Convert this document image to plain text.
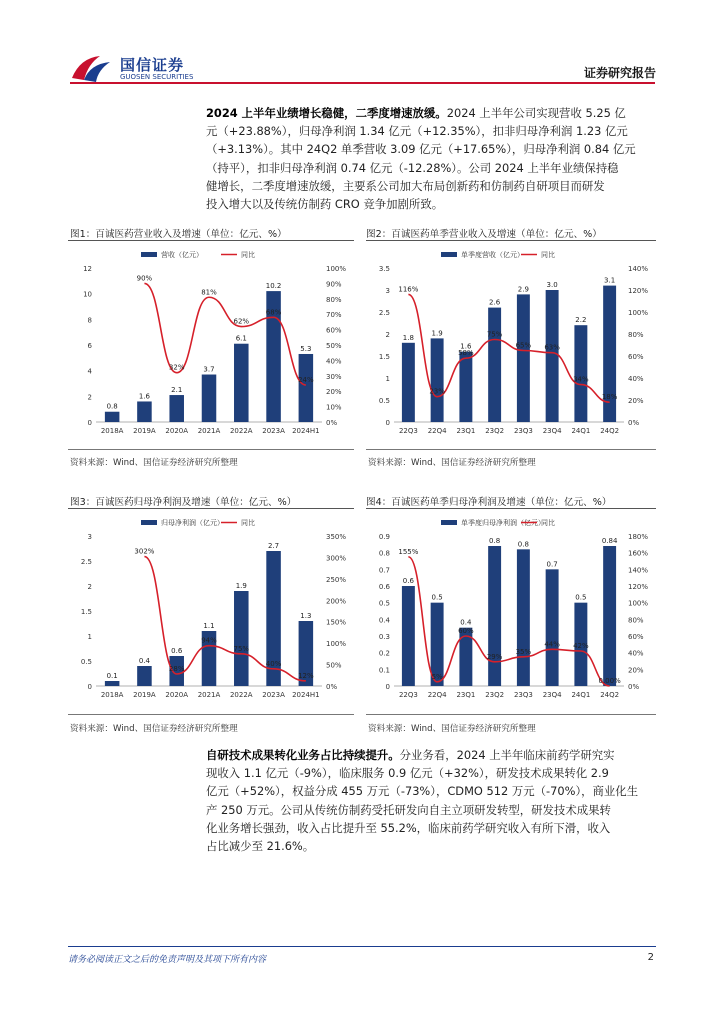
国信证券
GUOSEN SECURITIES	证券研究报告
2024 上半年业绩增长稳健，二季度增速放缓。2024 上半年公司实现营收 5.25 亿
元（+23.88%），归母净利润 1.34 亿元（+12.35%），扣非归母净利润 1.23 亿元
（+3.13%）。其中 24Q2 单季营收 3.09 亿元（+17.65%），归母净利润 0.84 亿元
（持平），扣非归母净利润 0.74 亿元（-12.28%）。公司 2024 上半年业绩保持稳
健增长，二季度增速放缓，主要系公司加大布局创新药和仿制药自研项目而研发
投入增大以及传统仿制药 CRO 竞争加剧所致。
图1：百诚医药营业收入及增速（单位：亿元、%）	图2：百诚医药单季营业收入及增速（单位：亿元、%）
营收（亿元）	同比
0
2
4
6
8
10
12
0%
10%
20%
30%
40%
50%
60%
70%
80%
90%
100%
0.8
2018A
1.6
2019A
2.1
2020A
3.7
2021A
6.1
2022A
10.2
2023A
5.3
2024H1
90%
32%
81%
62%
68%
24%
单季度营收（亿元） 同比
0
0.5
1
1.5
2
2.5
3
3.5
0%
20%
40%
60%
80%
100%
120%
140%
1.8
22Q3
1.9
22Q4
1.6
23Q1
2.6
23Q2
2.9
23Q3
3.0
23Q4
2.2
24Q1
3.1
24Q2
116%
23%
58%
75%
65% 63%
34%
18%
资料来源：Wind、国信证券经济研究所整理	资料来源：Wind、国信证券经济研究所整理
图3：百诚医药归母净利润及增速（单位：亿元、%）	图4：百诚医药单季归母净利润及增速（单位：亿元、%）
归母净利润（亿元） 同比
0
0.5
1
1.5
2
2.5
3
0%
50%
100%
150%
200%
250%
300%
350%
0.1
2018A
0.4
2019A
0.6
2020A
1.1
2021A
1.9
2022A
2.7
2023A
1.3
2024H1
302%
28%
94%
75%
40%
12%
单季度归母净利润（亿元）
同比
0
0.1
0.2
0.3
0.4
0.5
0.6
0.7
0.8
0.9
0%
20%
40%
60%
80%
100%
120%
140%
160%
180%
0.6
22Q3
0.5
22Q4
0.4
23Q1
0.8
23Q2
0.8
23Q3
0.7
23Q4
0.5
24Q1
0.84
24Q2
155%
5%
60%
29%
35%
44% 42%
0.00%
资料来源：Wind、国信证券经济研究所整理	资料来源：Wind、国信证券经济研究所整理
自研技术成果转化业务占比持续提升。分业务看，2024 上半年临床前药学研究实
现收入 1.1 亿元（-9%），临床服务 0.9 亿元（+32%），研发技术成果转化 2.9
亿元（+52%），权益分成 455 万元（-73%），CDMO 512 万元（-70%），商业化生
产 250 万元。公司从传统仿制药受托研发向自主立项研发转型，研发技术成果转
化业务增长强劲，收入占比提升至 55.2%，临床前药学研究收入有所下滑，收入
占比减少至 21.6%。
请务必阅读正文之后的免责声明及其项下所有内容	2
